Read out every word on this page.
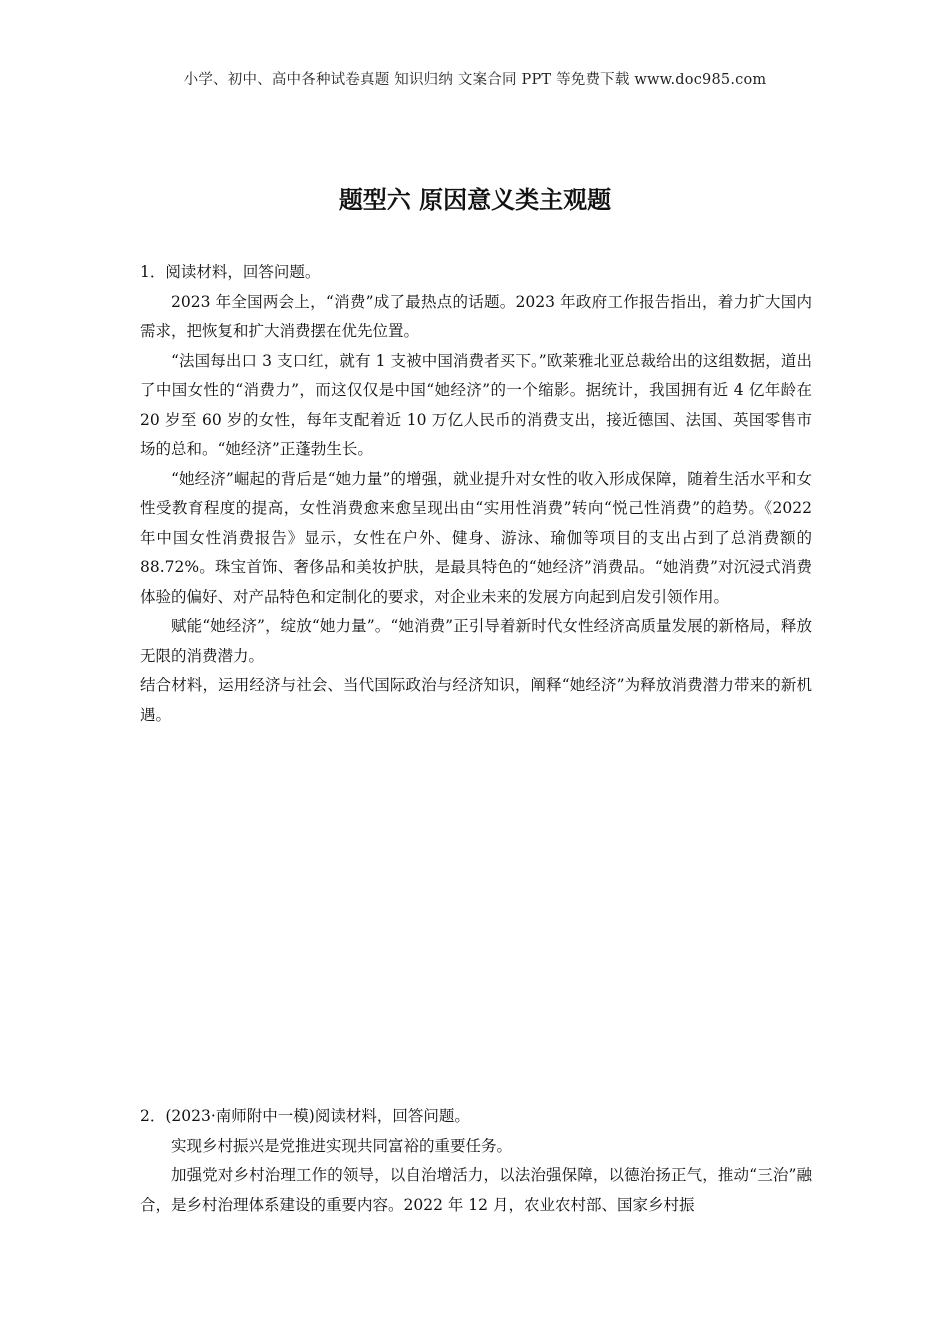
小学、初中、高中各种试卷真题 知识归纳 文案合同 PPT 等免费下载 www.doc985.com
题型六 原因意义类主观题

1．阅读材料，回答问题。

2023 年全国两会上，“消费”成了最热点的话题。2023 年政府工作报告指出，着力扩大国内需求，把恢复和扩大消费摆在优先位置。

“法国每出口 3 支口红，就有 1 支被中国消费者买下。”欧莱雅北亚总裁给出的这组数据，道出了中国女性的“消费力”，而这仅仅是中国“她经济”的一个缩影。据统计，我国拥有近 4 亿年龄在 20 岁至 60 岁的女性，每年支配着近 10 万亿人民币的消费支出，接近德国、法国、英国零售市场的总和。“她经济”正蓬勃生长。

“她经济”崛起的背后是“她力量”的增强，就业提升对女性的收入形成保障，随着生活水平和女性受教育程度的提高，女性消费愈来愈呈现出由“实用性消费”转向“悦己性消费”的趋势。《2022 年中国女性消费报告》显示，女性在户外、健身、游泳、瑜伽等项目的支出占到了总消费额的 88.72%。珠宝首饰、奢侈品和美妆护肤，是最具特色的“她经济”消费品。“她消费”对沉浸式消费体验的偏好、对产品特色和定制化的要求，对企业未来的发展方向起到启发引领作用。

赋能“她经济”，绽放“她力量”。“她消费”正引导着新时代女性经济高质量发展的新格局，释放无限的消费潜力。

结合材料，运用经济与社会、当代国际政治与经济知识，阐释“她经济”为释放消费潜力带来的新机遇。

2．(2023·南师附中一模)阅读材料，回答问题。

实现乡村振兴是党推进实现共同富裕的重要任务。

加强党对乡村治理工作的领导，以自治增活力，以法治强保障，以德治扬正气，推动“三治”融合，是乡村治理体系建设的重要内容。2022 年 12 月，农业农村部、国家乡村振
